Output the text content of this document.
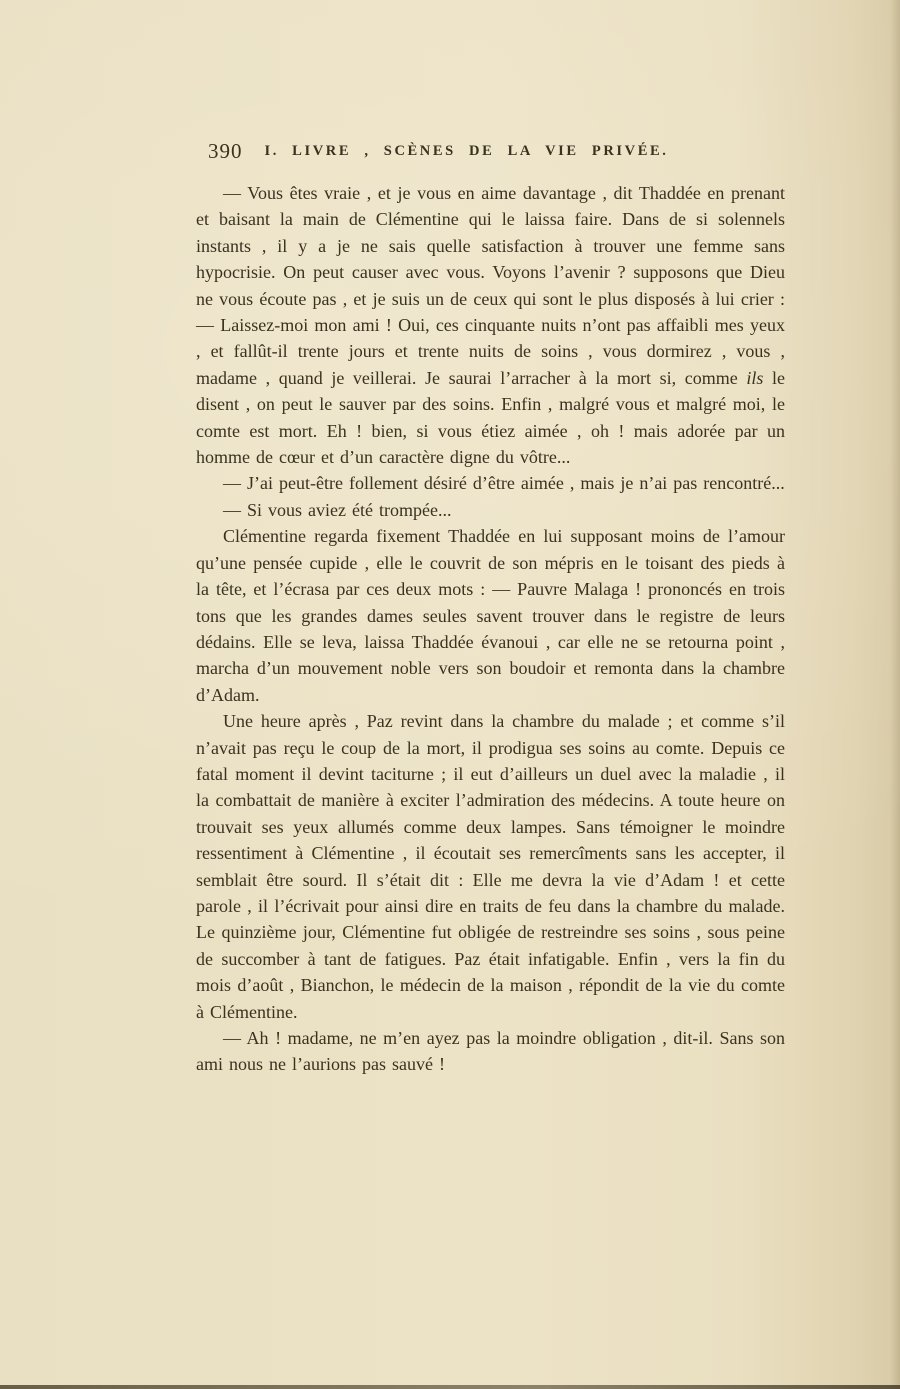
390	I. LIVRE , SCÈNES DE LA VIE PRIVÉE.

— Vous êtes vraie , et je vous en aime davantage , dit Thaddée en prenant et baisant la main de Clémentine qui le laissa faire. Dans de si solennels instants , il y a je ne sais quelle satisfaction à trouver une femme sans hypocrisie. On peut causer avec vous. Voyons l’avenir ? supposons que Dieu ne vous écoute pas , et je suis un de ceux qui sont le plus disposés à lui crier : — Laissez-moi mon ami ! Oui, ces cinquante nuits n’ont pas affaibli mes yeux , et fallût-il trente jours et trente nuits de soins , vous dormirez , vous , madame , quand je veillerai. Je saurai l’arracher à la mort si, comme ils le disent , on peut le sauver par des soins. Enfin , malgré vous et malgré moi, le comte est mort. Eh ! bien, si vous étiez aimée , oh ! mais adorée par un homme de cœur et d’un caractère digne du vôtre...

— J’ai peut-être follement désiré d’être aimée , mais je n’ai pas rencontré...

— Si vous aviez été trompée...

Clémentine regarda fixement Thaddée en lui supposant moins de l’amour qu’une pensée cupide , elle le couvrit de son mépris en le toisant des pieds à la tête, et l’écrasa par ces deux mots : — Pauvre Malaga ! prononcés en trois tons que les grandes dames seules savent trouver dans le registre de leurs dédains. Elle se leva, laissa Thaddée évanoui , car elle ne se retourna point , marcha d’un mouvement noble vers son boudoir et remonta dans la chambre d’Adam.

Une heure après , Paz revint dans la chambre du malade ; et comme s’il n’avait pas reçu le coup de la mort, il prodigua ses soins au comte. Depuis ce fatal moment il devint taciturne ; il eut d’ailleurs un duel avec la maladie , il la combattait de manière à exciter l’admiration des médecins. A toute heure on trouvait ses yeux allumés comme deux lampes. Sans témoigner le moindre ressentiment à Clémentine , il écoutait ses remercîments sans les accepter, il semblait être sourd. Il s’était dit : Elle me devra la vie d’Adam ! et cette parole , il l’écrivait pour ainsi dire en traits de feu dans la chambre du malade. Le quinzième jour, Clémentine fut obligée de restreindre ses soins , sous peine de succomber à tant de fatigues. Paz était infatigable. Enfin , vers la fin du mois d’août , Bianchon, le médecin de la maison , répondit de la vie du comte à Clémentine.

— Ah ! madame, ne m’en ayez pas la moindre obligation , dit-il. Sans son ami nous ne l’aurions pas sauvé !
